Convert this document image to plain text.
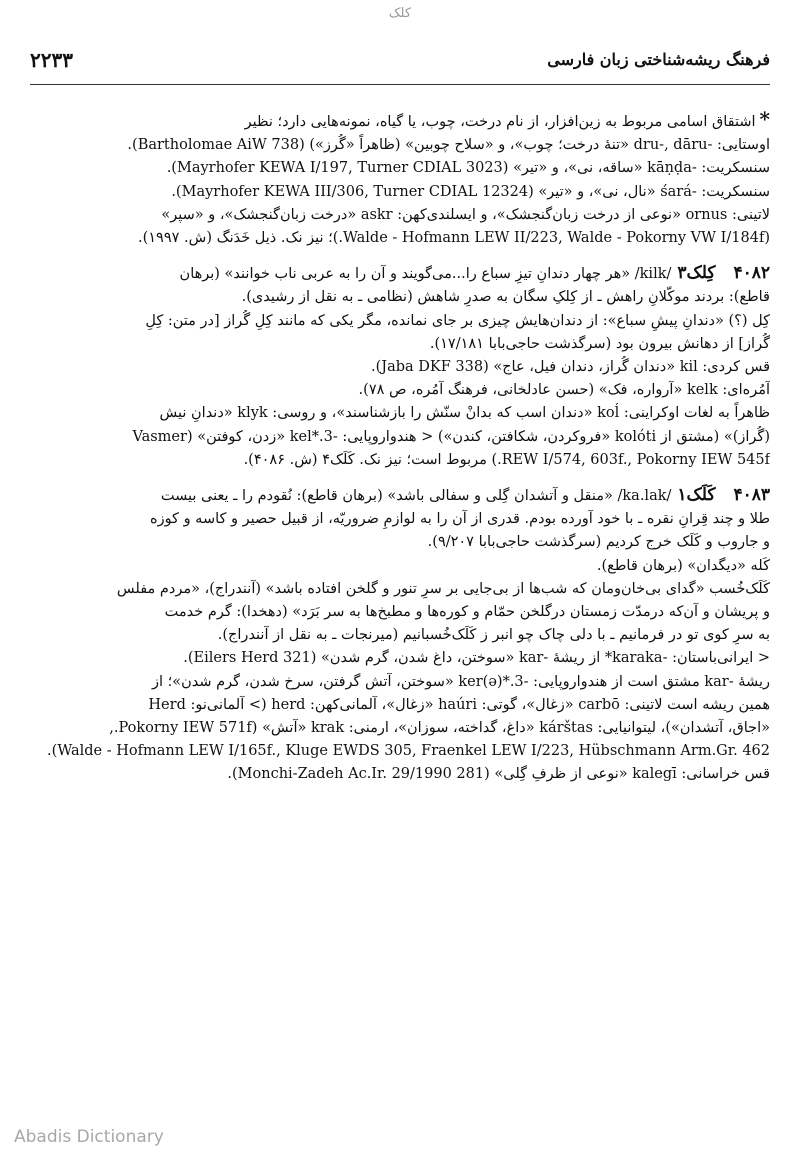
کلک
۲۲۳۳	فرهنگ ریشه‌شناختی زبان فارسی
*اشتقاق اسامی مربوط به زین‌افزار، از نام درخت، چوب، یا گیاه، نمونه‌هایی دارد؛ نظیر
اوستایی: -dru-, dāru «تنهٔ درخت؛ چوب»، و «سلاح چوبین» (ظاهراً «گُرز») (Bartholomae AiW 738).
سنسکریت: -kāṇḍa «ساقه، نی»، و «تیر» (Mayrhofer KEWA I/197, Turner CDIAL 3023).
سنسکریت: -śará «نال، نی»، و «تیر» (Mayrhofer KEWA III/306, Turner CDIAL 12324).
لاتینی: ornus «نوعی از درخت زبان‌گنجشک»، و ایسلندی‌کهن: askr «درخت زبان‌گنجشک»، و «سپر»
(Walde - Hofmann LEW II/223, Walde - Pokorny VW I/184f.)؛ نیز نک. ذیل خَدَنگ (ش. ۱۹۹۷).
۴۰۸۲کِلک۳/kilk/ «هر چهار دندانِ تیزِ سباع را...می‌گویند و آن را به عربی ناب خوانند» (برهان
قاطع): بردند موکّلانِ راهش ـ از کِلکِ سگان به صدرِ شاهش (نظامی ـ به نقل از رشیدی).
کِل (؟) «دندانِ پیشِ سباع»: از دندان‌هایش چیزی بر جای نمانده، مگر یکی که مانند کِلِ گُراز [در متن: کِلِ
گُراز] از دهانش بیرون بود (سرگذشت حاجی‌بابا ۱۷/۱۸۱).
قس کردی: kil «دندان گُراز، دندان فیل، عاج» (Jaba DKF 338).
آمُره‌ای: kelk «آرواره، فک» (حسن عادلخانی، فرهنگ آمُره، ص ۷۸).
ظاهراً به لغات اوکراینی: koĺ «دندان اسب که بدانْ سنّش را بازشناسند»، و روسی: klyk «دندانِ نیش
(گُراز)» (مشتق از kolóti «فروکردن، شکافتن، کندن») < هندواروپایی: -3.*kel «زدن، کوفتن» (Vasmer
REW I/574, 603f., Pokorny IEW 545f.) مربوط است؛ نیز نک. کَلَک۴ (ش. ۴۰۸۶).
۴۰۸۳کَلَک۱/ka.lak/ «منقل و آتشدان گِلی و سفالی باشد» (برهان قاطع): نُقودم را ـ یعنی بیست
طلا و چند قِرانِ نقره ـ با خود آورده بودم. قدری از آن را به لوازمِ ضروریّه، از قبیل حصیر و کاسه و کوزه
و جاروب و کَلَک خرج کردیم (سرگذشت حاجی‌بابا ۹/۲۰۷).
کَله «دیگدان» (برهان قاطع).
کَلَک‌خُسب «گدای بی‌خان‌ومان که شب‌ها از بی‌جایی بر سرِ تنور و گلخن افتاده باشد» (آنندراج)، «مردم مفلس
و پریشان و آن‌که درمدّت زمستان درگلخن حمّام و کوره‌ها و مطبخ‌ها به سر بَرَد» (دهخدا): گرم خدمت
به سرِ کوی تو در فرمانیم ـ با دلی چاک چو انبر ز کَلَک‌خُسبانیم (میرنجات ـ به نقل از آنندراج).
< ایرانی‌باستان: -karaka* از ریشهٔ -kar «سوختن، داغ شدن، گرم شدن» (Eilers Herd 321).
ریشهٔ -kar مشتق است از هندواروپایی: -3.*ker(ə) «سوختن، آتش گرفتن، سرخ شدن، گرم شدن»؛ از
همین ریشه است لاتینی: carbō «زغال»، گوتی: haúri «زغال»، آلمانی‌کهن: herd (> آلمانی‌نو: Herd
«اجاق، آتشدان»)، لیتوانیایی: kárštas «داغ، گداخته، سوزان»، ارمنی: krak «آتش» (Pokorny IEW 571f.,
Walde - Hofmann LEW I/165f., Kluge EWDS 305, Fraenkel LEW I/223, Hübschmann Arm.Gr. 462).
قس خراسانی: kalegī «نوعی از ظرفِ گِلی» (Monchi-Zadeh Ac.Ir. 29/1990 281).
Abadis Dictionary
